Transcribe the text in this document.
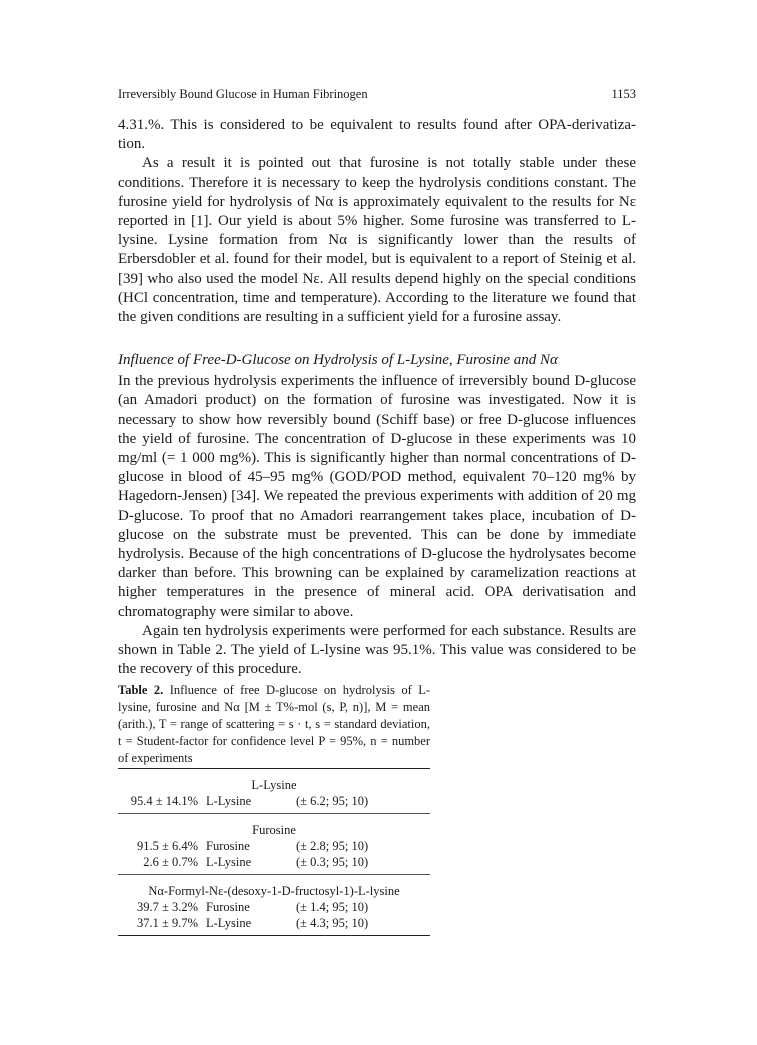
Irreversibly Bound Glucose in Human Fibrinogen	1153

4.31.%. This is considered to be equivalent to results found after OPA-derivatiza- tion.

As a result it is pointed out that furosine is not totally stable under these conditions. Therefore it is necessary to keep the hydrolysis conditions constant. The furosine yield for hydrolysis of Nα is approximately equivalent to the results for Nε reported in [1]. Our yield is about 5% higher. Some furosine was transferred to L-lysine. Lysine formation from Nα is significantly lower than the results of Erbersdobler et al. found for their model, but is equivalent to a report of Steinig et al. [39] who also used the model Nε. All results depend highly on the special conditions (HCl concentration, time and temperature). According to the literature we found that the given conditions are resulting in a sufficient yield for a furosine assay.

Influence of Free-D-Glucose on Hydrolysis of L-Lysine, Furosine and Nα

In the previous hydrolysis experiments the influence of irreversibly bound D-glucose (an Amadori product) on the formation of furosine was investigated. Now it is necessary to show how reversibly bound (Schiff base) or free D-glucose influences the yield of furosine. The concentration of D-glucose in these experiments was 10 mg/ml (= 1 000 mg%). This is significantly higher than normal concentrations of D-glucose in blood of 45–95 mg% (GOD/POD method, equivalent 70–120 mg% by Hagedorn-Jensen) [34]. We repeated the previous experiments with addition of 20 mg D-glucose. To proof that no Amadori rearrangement takes place, incubation of D-glucose on the substrate must be prevented. This can be done by immediate hydrolysis. Because of the high concentrations of D-glucose the hydrolysates become darker than before. This browning can be explained by caramelization reactions at higher temperatures in the presence of mineral acid. OPA derivatisation and chromatography were similar to above.

Again ten hydrolysis experiments were performed for each substance. Results are shown in Table 2. The yield of L-lysine was 95.1%. This value was considered to be the recovery of this procedure.

Table 2. Influence of free D-glucose on hydrolysis of L-lysine, furosine and Nα [M ± T%-mol (s, P, n)], M = mean (arith.), T = range of scattering = s · t, s = standard deviation, t = Student-factor for confidence level P = 95%, n = number of experiments

L-Lysine
95.4 ± 14.1% L-Lysine	(± 6.2; 95; 10)
Furosine
91.5 ± 6.4% Furosine	(± 2.8; 95; 10)
2.6 ± 0.7% L-Lysine	(± 0.3; 95; 10)
Nα-Formyl-Nε-(desoxy-1-D-fructosyl-1)-L-lysine
39.7 ± 3.2% Furosine	(± 1.4; 95; 10)
37.1 ± 9.7% L-Lysine	(± 4.3; 95; 10)
